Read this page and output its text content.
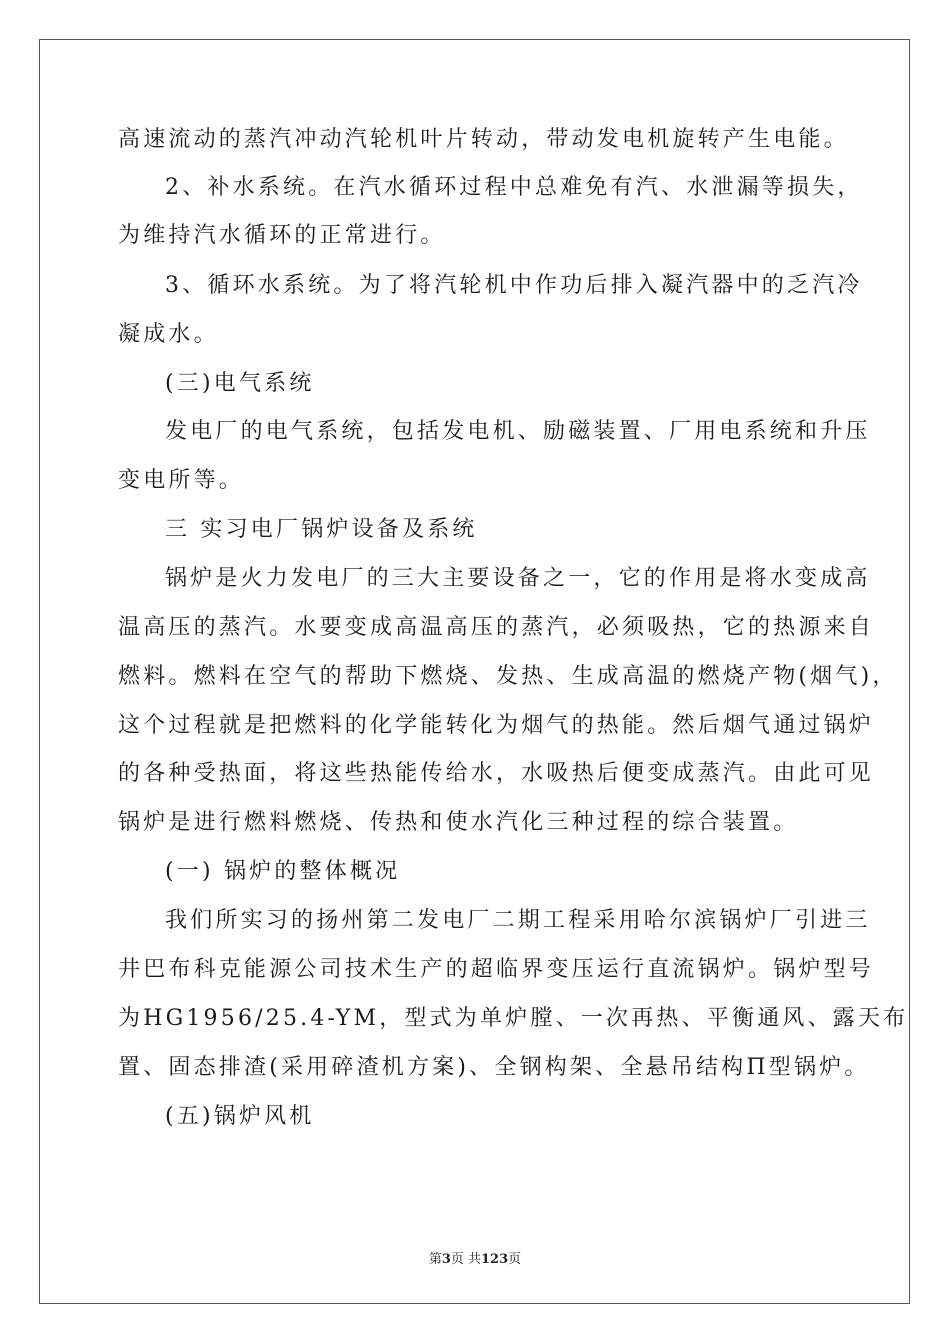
高速流动的蒸汽冲动汽轮机叶片转动，带动发电机旋转产生电能。
2、补水系统。在汽水循环过程中总难免有汽、水泄漏等损失，
为维持汽水循环的正常进行。
3、循环水系统。为了将汽轮机中作功后排入凝汽器中的乏汽冷
凝成水。
(三)电气系统
发电厂的电气系统，包括发电机、励磁装置、厂用电系统和升压
变电所等。
三 实习电厂锅炉设备及系统
锅炉是火力发电厂的三大主要设备之一，它的作用是将水变成高
温高压的蒸汽。水要变成高温高压的蒸汽，必须吸热，它的热源来自
燃料。燃料在空气的帮助下燃烧、发热、生成高温的燃烧产物(烟气)，
这个过程就是把燃料的化学能转化为烟气的热能。然后烟气通过锅炉
的各种受热面，将这些热能传给水，水吸热后便变成蒸汽。由此可见
锅炉是进行燃料燃烧、传热和使水汽化三种过程的综合装置。
(一) 锅炉的整体概况
我们所实习的扬州第二发电厂二期工程采用哈尔滨锅炉厂引进三
井巴布科克能源公司技术生产的超临界变压运行直流锅炉。锅炉型号
为HG1956/25.4-YM，型式为单炉膛、一次再热、平衡通风、露天布
置、固态排渣(采用碎渣机方案)、全钢构架、全悬吊结构Π型锅炉。
(五)锅炉风机
第3页 共123页
